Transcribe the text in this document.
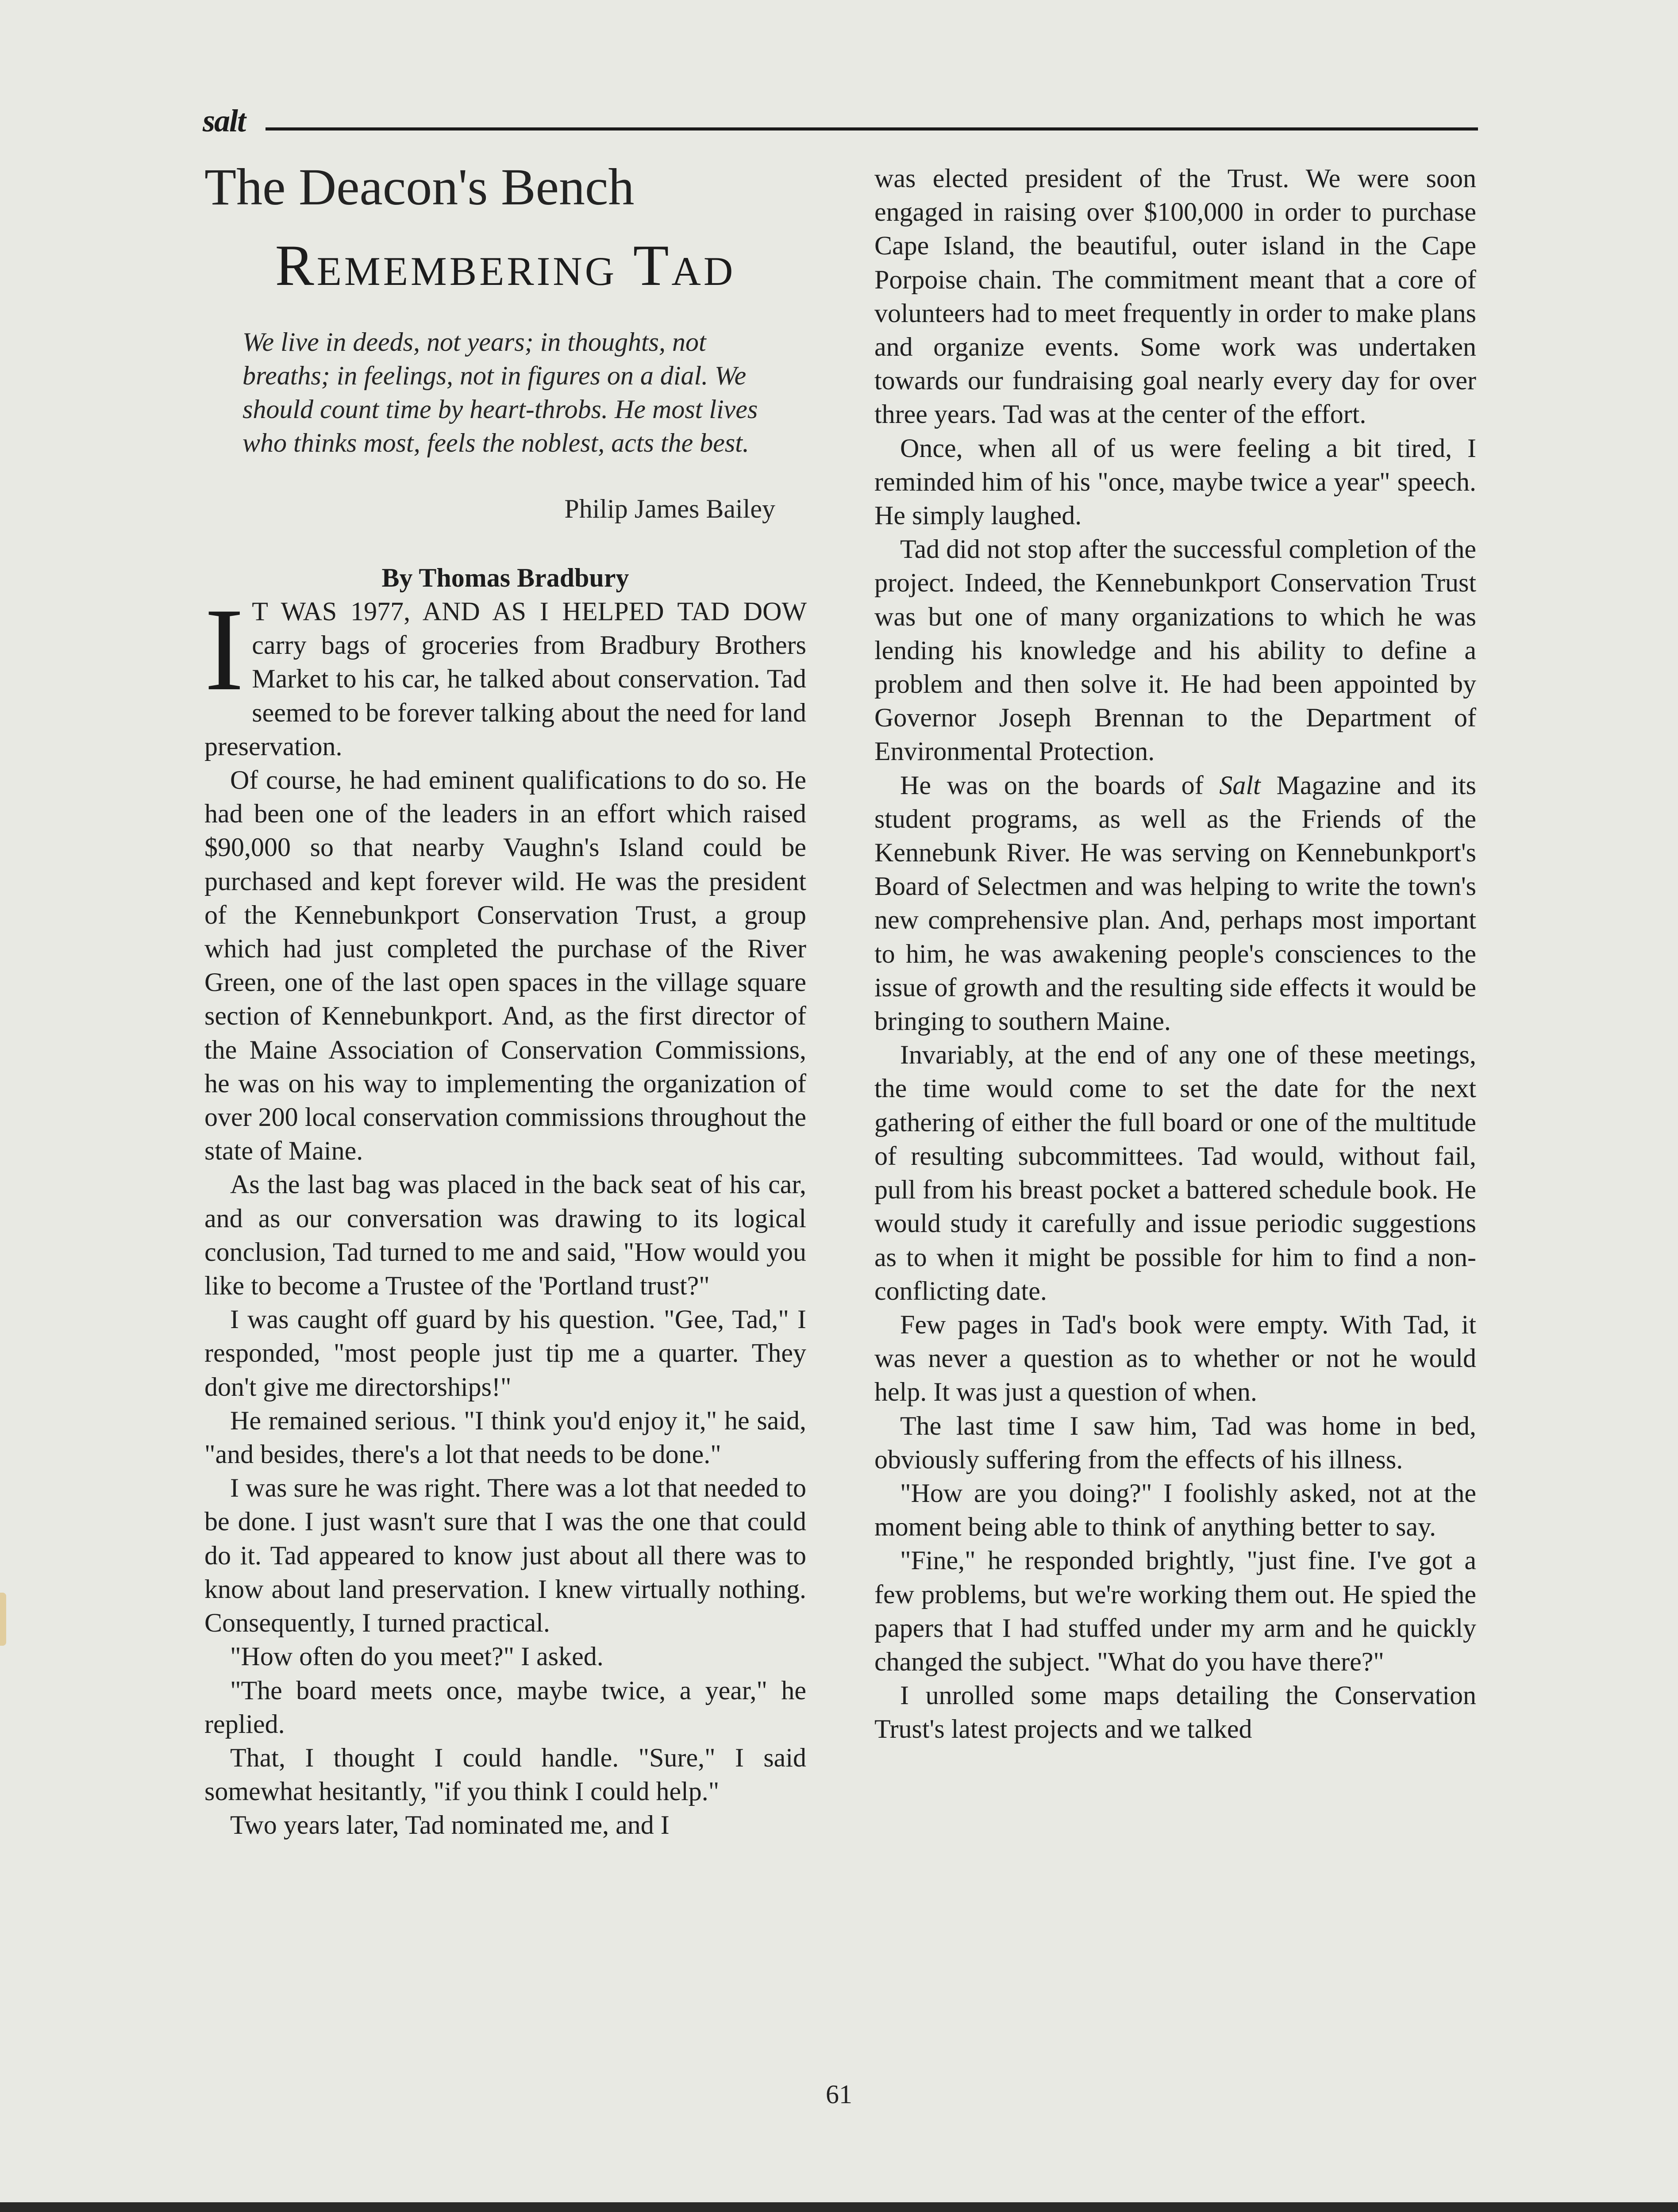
salt
The Deacon's Bench
Remembering Tad
We live in deeds, not years; in thoughts, not breaths; in feelings, not in figures on a dial. We should count time by heart-throbs. He most lives who thinks most, feels the noblest, acts the best.
Philip James Bailey
By Thomas Bradbury

I T WAS 1977, AND AS I HELPED TAD DOW carry bags of groceries from Bradbury Brothers Market to his car, he talked about conservation. Tad seemed to be forever talking about the need for land preservation.

Of course, he had eminent qualifications to do so. He had been one of the leaders in an effort which raised $90,000 so that nearby Vaughn's Island could be purchased and kept forever wild. He was the president of the Kennebunkport Conservation Trust, a group which had just completed the purchase of the River Green, one of the last open spaces in the village square section of Kennebunkport. And, as the first director of the Maine Association of Conservation Commissions, he was on his way to implementing the organization of over 200 local conservation commissions throughout the state of Maine.

As the last bag was placed in the back seat of his car, and as our conversation was drawing to its logical conclusion, Tad turned to me and said, "How would you like to become a Trustee of the 'Portland trust?"

I was caught off guard by his question. "Gee, Tad," I responded, "most people just tip me a quarter. They don't give me directorships!"

He remained serious. "I think you'd enjoy it," he said, "and besides, there's a lot that needs to be done."

I was sure he was right. There was a lot that needed to be done. I just wasn't sure that I was the one that could do it. Tad appeared to know just about all there was to know about land preservation. I knew virtually nothing. Consequently, I turned practical.

"How often do you meet?" I asked.

"The board meets once, maybe twice, a year," he replied.

That, I thought I could handle. "Sure," I said somewhat hesitantly, "if you think I could help."

Two years later, Tad nominated me, and I

was elected president of the Trust. We were soon engaged in raising over $100,000 in order to purchase Cape Island, the beautiful, outer island in the Cape Porpoise chain. The commitment meant that a core of volunteers had to meet frequently in order to make plans and organize events. Some work was undertaken towards our fundraising goal nearly every day for over three years. Tad was at the center of the effort.

Once, when all of us were feeling a bit tired, I reminded him of his "once, maybe twice a year" speech. He simply laughed.

Tad did not stop after the successful completion of the project. Indeed, the Kennebunkport Conservation Trust was but one of many organizations to which he was lending his knowledge and his ability to define a problem and then solve it. He had been appointed by Governor Joseph Brennan to the Department of Environmental Protection.

He was on the boards of Salt Magazine and its student programs, as well as the Friends of the Kennebunk River. He was serving on Kennebunkport's Board of Selectmen and was helping to write the town's new comprehensive plan. And, perhaps most important to him, he was awakening people's consciences to the issue of growth and the resulting side effects it would be bringing to southern Maine.

Invariably, at the end of any one of these meetings, the time would come to set the date for the next gathering of either the full board or one of the multitude of resulting subcommittees. Tad would, without fail, pull from his breast pocket a battered schedule book. He would study it carefully and issue periodic suggestions as to when it might be possible for him to find a non-conflicting date.

Few pages in Tad's book were empty. With Tad, it was never a question as to whether or not he would help. It was just a question of when.

The last time I saw him, Tad was home in bed, obviously suffering from the effects of his illness.

"How are you doing?" I foolishly asked, not at the moment being able to think of anything better to say.

"Fine," he responded brightly, "just fine. I've got a few problems, but we're working them out. He spied the papers that I had stuffed under my arm and he quickly changed the subject. "What do you have there?"

I unrolled some maps detailing the Conservation Trust's latest projects and we talked

61
